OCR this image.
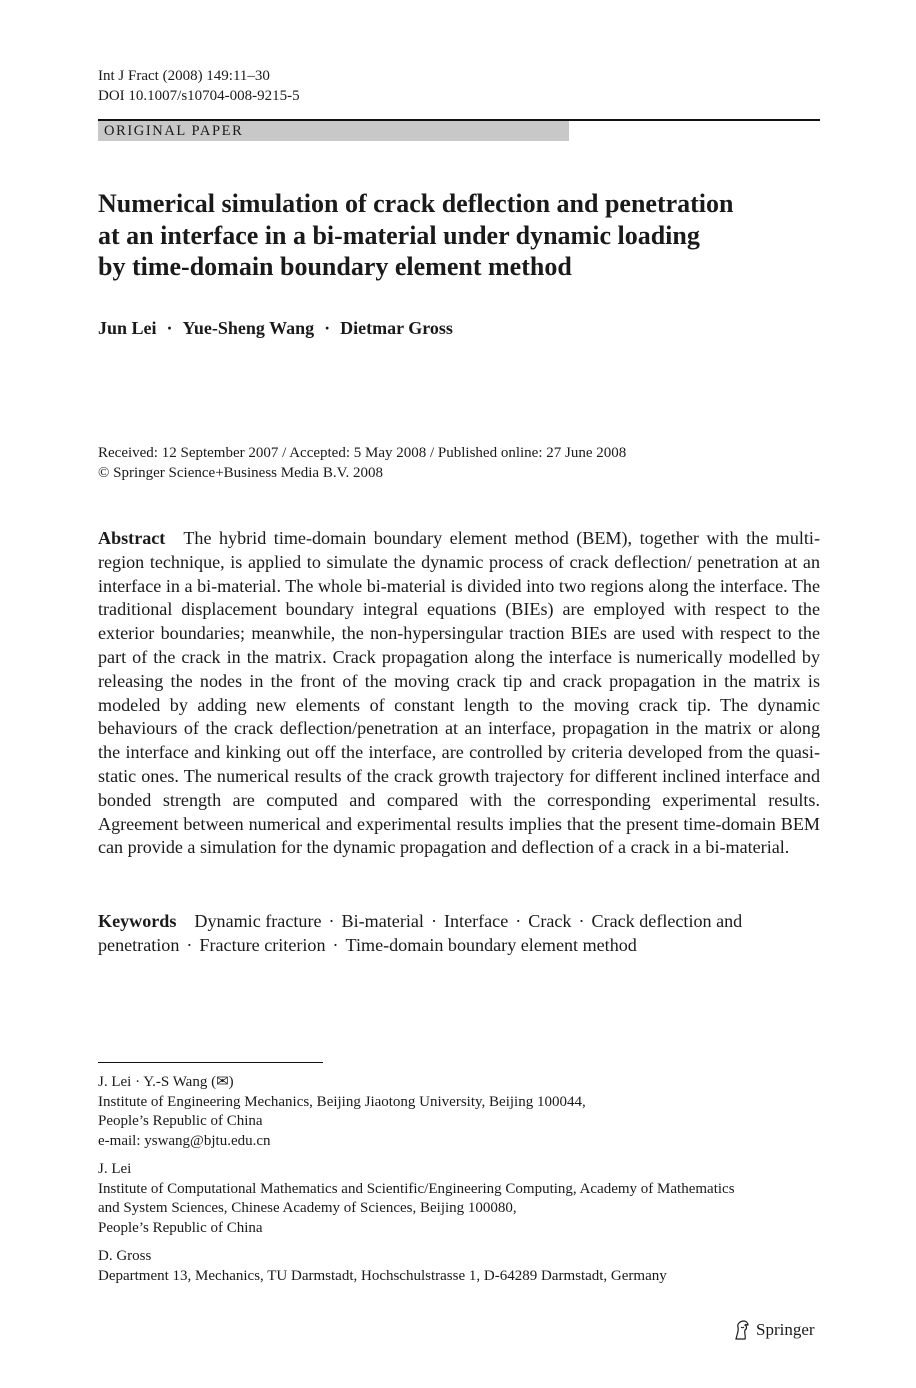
Int J Fract (2008) 149:11–30
DOI 10.1007/s10704-008-9215-5
ORIGINAL PAPER
Numerical simulation of crack deflection and penetration
at an interface in a bi-material under dynamic loading
by time-domain boundary element method
Jun Lei · Yue-Sheng Wang · Dietmar Gross
Received: 12 September 2007 / Accepted: 5 May 2008 / Published online: 27 June 2008
© Springer Science+Business Media B.V. 2008
Abstract The hybrid time-domain boundary element method (BEM), together with the multi-region technique, is applied to simulate the dynamic process of crack deflection/ penetration at an interface in a bi-material. The whole bi-material is divided into two regions along the interface. The traditional displacement boundary integral equations (BIEs) are employed with respect to the exterior boundaries; meanwhile, the non-hypersingular traction BIEs are used with respect to the part of the crack in the matrix. Crack propagation along the interface is numerically modelled by releasing the nodes in the front of the moving crack tip and crack propagation in the matrix is modeled by adding new elements of constant length to the moving crack tip. The dynamic behaviours of the crack deflection/penetration at an interface, propagation in the matrix or along the interface and kinking out off the interface, are controlled by criteria developed from the quasi-static ones. The numerical results of the crack growth trajectory for different inclined interface and bonded strength are computed and compared with the corresponding experimental results. Agreement between numerical and experimental results implies that the present time-domain BEM can provide a simulation for the dynamic propagation and deflection of a crack in a bi-material.
Keywords Dynamic fracture · Bi-material · Interface · Crack · Crack deflection and penetration · Fracture criterion · Time-domain boundary element method
J. Lei · Y.-S Wang (✉)
Institute of Engineering Mechanics, Beijing Jiaotong University, Beijing 100044,
People’s Republic of China
e-mail: yswang@bjtu.edu.cn
J. Lei
Institute of Computational Mathematics and Scientific/Engineering Computing, Academy of Mathematics
and System Sciences, Chinese Academy of Sciences, Beijing 100080,
People’s Republic of China
D. Gross
Department 13, Mechanics, TU Darmstadt, Hochschulstrasse 1, D-64289 Darmstadt, Germany
Springer
